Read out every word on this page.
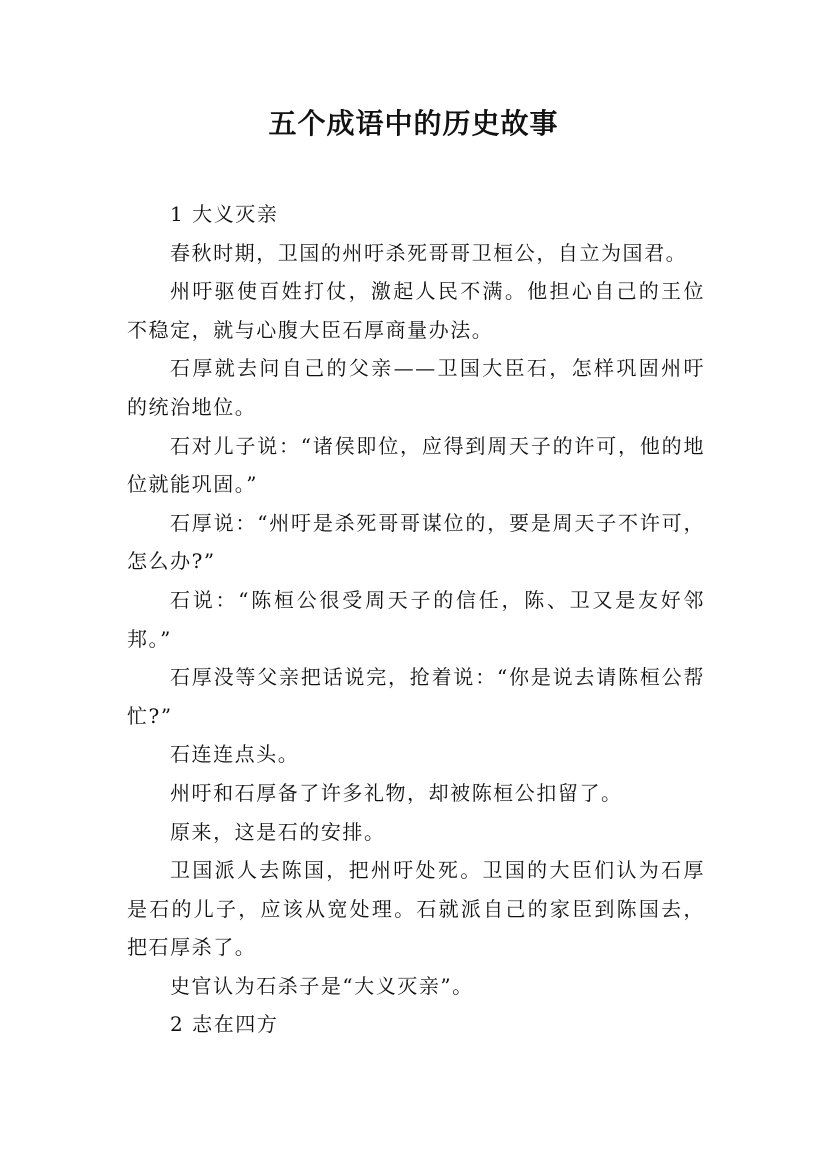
五个成语中的历史故事

1 大义灭亲

春秋时期，卫国的州吁杀死哥哥卫桓公，自立为国君。

州吁驱使百姓打仗，激起人民不满。他担心自己的王位不稳定，就与心腹大臣石厚商量办法。

石厚就去问自己的父亲——卫国大臣石，怎样巩固州吁的统治地位。

石对儿子说：“诸侯即位，应得到周天子的许可，他的地位就能巩固。”

石厚说：“州吁是杀死哥哥谋位的，要是周天子不许可，怎么办?”

石说：“陈桓公很受周天子的信任，陈、卫又是友好邻邦。”

石厚没等父亲把话说完，抢着说：“你是说去请陈桓公帮忙?”

石连连点头。

州吁和石厚备了许多礼物，却被陈桓公扣留了。

原来，这是石的安排。

卫国派人去陈国，把州吁处死。卫国的大臣们认为石厚是石的儿子，应该从宽处理。石就派自己的家臣到陈国去，把石厚杀了。

史官认为石杀子是“大义灭亲”。

2 志在四方
